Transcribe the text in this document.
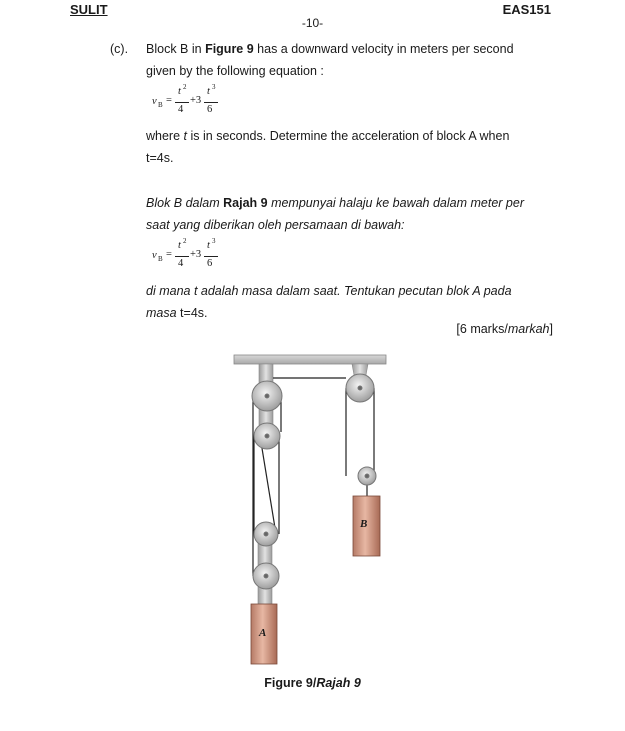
SULIT	EAS151
-10-
(c). Block B in Figure 9 has a downward velocity in meters per second
given by the following equation :
v B =
t 2
4
+3
t 3
6
where t is in seconds. Determine the acceleration of block A when
t=4s.
Blok B dalam Rajah 9 mempunyai halaju ke bawah dalam meter per
saat yang diberikan oleh persamaan di bawah:
v B =
t 2
4
+3
t 3
6
di mana t adalah masa dalam saat. Tentukan pecutan blok A pada
masa t=4s.
[6 marks/markah]
B
A
Figure 9/Rajah 9
